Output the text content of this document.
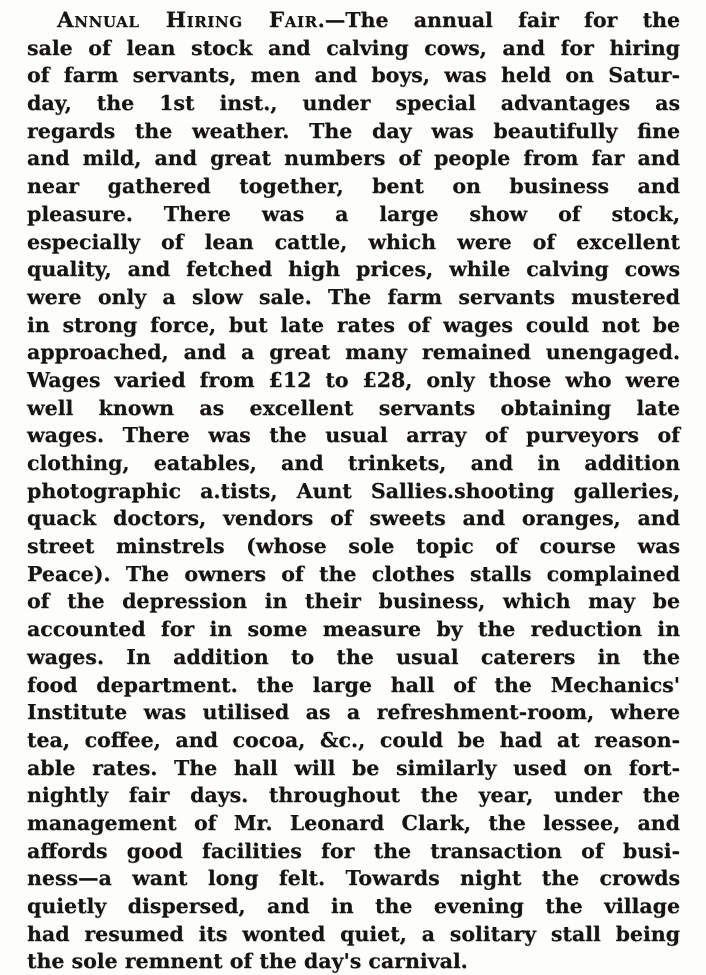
Annual Hiring Fair.—The annual fair for the
sale of lean stock and calving cows, and for hiring
of farm servants, men and boys, was held on Satur-
day, the 1st inst., under special advantages as
regards the weather. The day was beautifully fine
and mild, and great numbers of people from far and
near gathered together, bent on business and
pleasure. There was a large show of stock,
especially of lean cattle, which were of excellent
quality, and fetched high prices, while calving cows
were only a slow sale. The farm servants mustered
in strong force, but late rates of wages could not be
approached, and a great many remained unengaged.
Wages varied from £12 to £28, only those who were
well known as excellent servants obtaining late
wages. There was the usual array of purveyors of
clothing, eatables, and trinkets, and in addition
photographic a.tists, Aunt Sallies.shooting galleries,
quack doctors, vendors of sweets and oranges, and
street minstrels (whose sole topic of course was
Peace). The owners of the clothes stalls complained
of the depression in their business, which may be
accounted for in some measure by the reduction in
wages. In addition to the usual caterers in the
food department. the large hall of the Mechanics'
Institute was utilised as a refreshment-room, where
tea, coffee, and cocoa, &c., could be had at reason-
able rates. The hall will be similarly used on fort-
nightly fair days. throughout the year, under the
management of Mr. Leonard Clark, the lessee, and
affords good facilities for the transaction of busi-
ness—a want long felt. Towards night the crowds
quietly dispersed, and in the evening the village
had resumed its wonted quiet, a solitary stall being
the sole remnent of the day's carnival.
